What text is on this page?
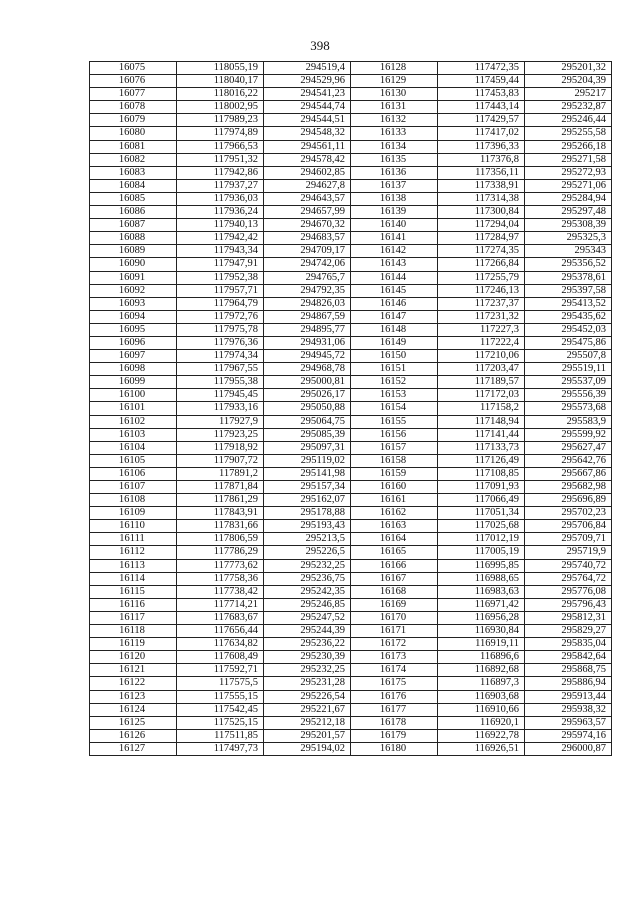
398
16075	118055,19	294519,4	16128	117472,35	295201,32
16076	118040,17	294529,96	16129	117459,44	295204,39
16077	118016,22	294541,23	16130	117453,83	295217
16078	118002,95	294544,74	16131	117443,14	295232,87
16079	117989,23	294544,51	16132	117429,57	295246,44
16080	117974,89	294548,32	16133	117417,02	295255,58
16081	117966,53	294561,11	16134	117396,33	295266,18
16082	117951,32	294578,42	16135	117376,8	295271,58
16083	117942,86	294602,85	16136	117356,11	295272,93
16084	117937,27	294627,8	16137	117338,91	295271,06
16085	117936,03	294643,57	16138	117314,38	295284,94
16086	117936,24	294657,99	16139	117300,84	295297,48
16087	117940,13	294670,32	16140	117294,04	295308,39
16088	117942,42	294683,57	16141	117284,97	295325,3
16089	117943,34	294709,17	16142	117274,35	295343
16090	117947,91	294742,06	16143	117266,84	295356,52
16091	117952,38	294765,7	16144	117255,79	295378,61
16092	117957,71	294792,35	16145	117246,13	295397,58
16093	117964,79	294826,03	16146	117237,37	295413,52
16094	117972,76	294867,59	16147	117231,32	295435,62
16095	117975,78	294895,77	16148	117227,3	295452,03
16096	117976,36	294931,06	16149	117222,4	295475,86
16097	117974,34	294945,72	16150	117210,06	295507,8
16098	117967,55	294968,78	16151	117203,47	295519,11
16099	117955,38	295000,81	16152	117189,57	295537,09
16100	117945,45	295026,17	16153	117172,03	295556,39
16101	117933,16	295050,88	16154	117158,2	295573,68
16102	117927,9	295064,75	16155	117148,94	295583,9
16103	117923,25	295085,39	16156	117141,44	295599,92
16104	117918,92	295097,31	16157	117133,73	295627,47
16105	117907,72	295119,02	16158	117126,49	295642,76
16106	117891,2	295141,98	16159	117108,85	295667,86
16107	117871,84	295157,34	16160	117091,93	295682,98
16108	117861,29	295162,07	16161	117066,49	295696,89
16109	117843,91	295178,88	16162	117051,34	295702,23
16110	117831,66	295193,43	16163	117025,68	295706,84
16111	117806,59	295213,5	16164	117012,19	295709,71
16112	117786,29	295226,5	16165	117005,19	295719,9
16113	117773,62	295232,25	16166	116995,85	295740,72
16114	117758,36	295236,75	16167	116988,65	295764,72
16115	117738,42	295242,35	16168	116983,63	295776,08
16116	117714,21	295246,85	16169	116971,42	295796,43
16117	117683,67	295247,52	16170	116956,28	295812,31
16118	117656,44	295244,39	16171	116930,84	295829,27
16119	117634,82	295236,22	16172	116919,11	295835,04
16120	117608,49	295230,39	16173	116896,6	295842,64
16121	117592,71	295232,25	16174	116892,68	295868,75
16122	117575,5	295231,28	16175	116897,3	295886,94
16123	117555,15	295226,54	16176	116903,68	295913,44
16124	117542,45	295221,67	16177	116910,66	295938,32
16125	117525,15	295212,18	16178	116920,1	295963,57
16126	117511,85	295201,57	16179	116922,78	295974,16
16127	117497,73	295194,02	16180	116926,51	296000,87
